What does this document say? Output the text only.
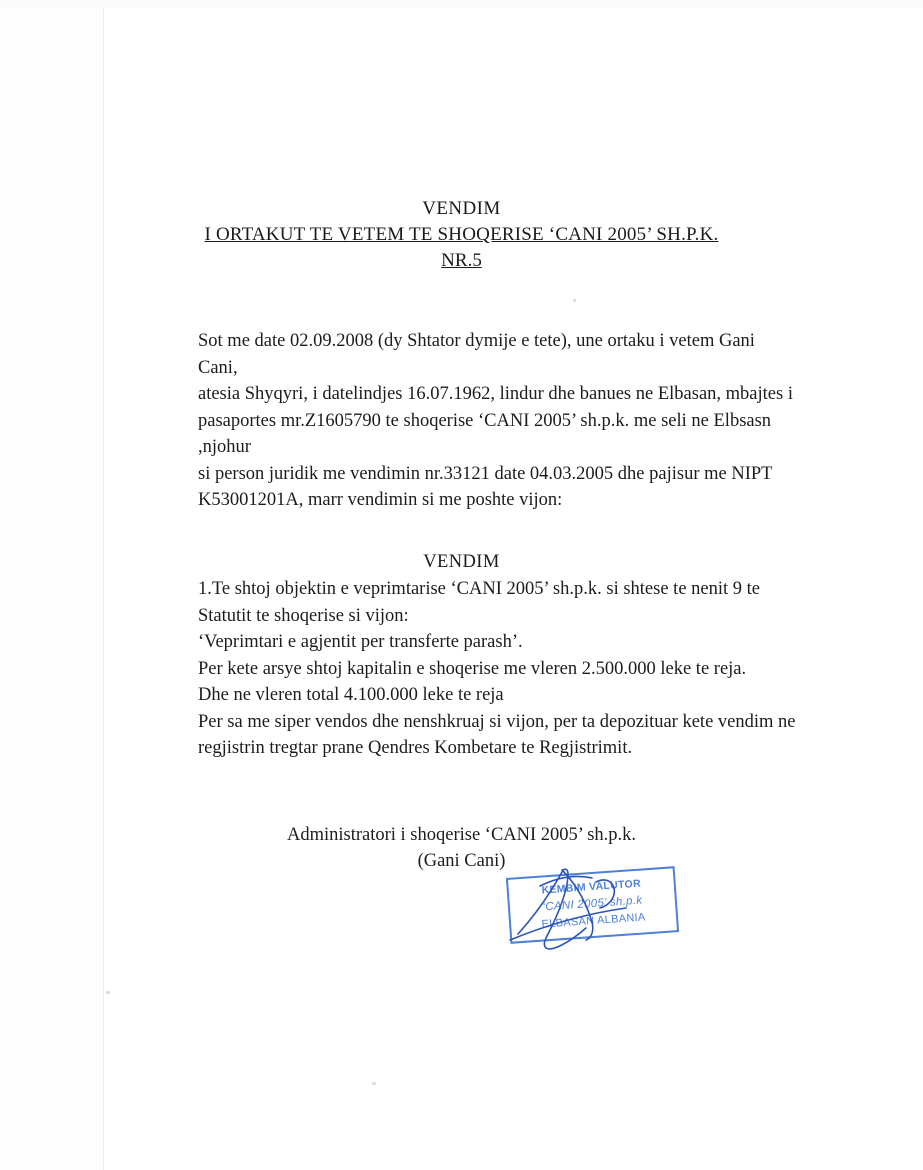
VENDIM
I ORTAKUT TE VETEM TE SHOQERISE ‘CANI 2005’ SH.P.K.
NR.5

Sot me date 02.09.2008 (dy Shtator dymije e tete), une ortaku i vetem Gani Cani,

atesia Shyqyri, i datelindjes 16.07.1962, lindur dhe banues ne Elbasan, mbajtes i

pasaportes mr.Z1605790 te shoqerise ‘CANI 2005’ sh.p.k. me seli ne Elbsasn ,njohur

si person juridik me vendimin nr.33121 date 04.03.2005 dhe pajisur me NIPT

K53001201A, marr vendimin si me poshte vijon:

VENDIM

1.Te shtoj objektin e veprimtarise ‘CANI 2005’ sh.p.k. si shtese te nenit 9 te Statutit te shoqerise si vijon:

‘Veprimtari e agjentit per transferte parash’.

Per kete arsye shtoj kapitalin e shoqerise me vleren 2.500.000 leke te reja.

Dhe ne vleren total 4.100.000 leke te reja

Per sa me siper vendos dhe nenshkruaj si vijon, per ta depozituar kete vendim ne regjistrin tregtar prane Qendres Kombetare te Regjistrimit.

Administratori i shoqerise ‘CANI 2005’ sh.p.k.
(Gani Cani)
KEMBIM VALUTOR
‘CANI 2005’ sh.p.k
ELBASAN ALBANIA
